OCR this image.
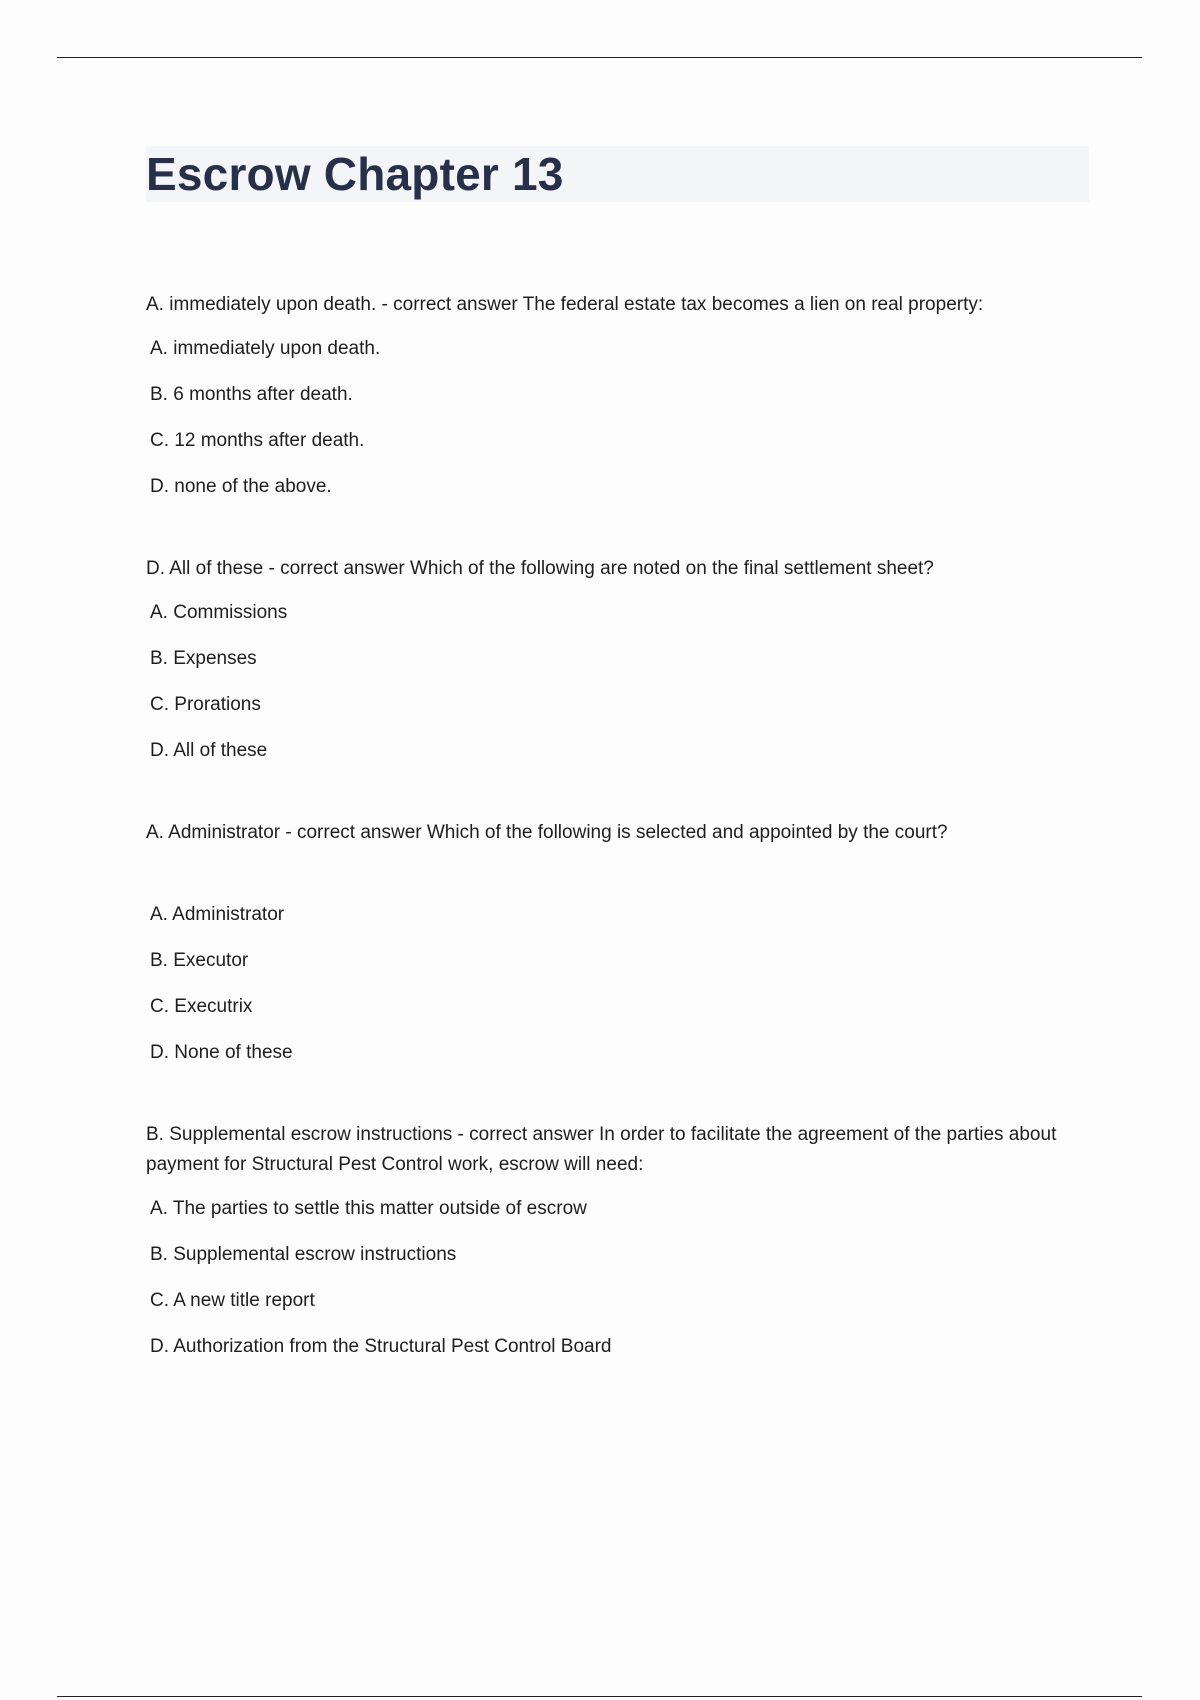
Escrow Chapter 13

A. immediately upon death. - correct answer The federal estate tax becomes a lien on real property:

A. immediately upon death.
B. 6 months after death.
C. 12 months after death.
D. none of the above.

D. All of these - correct answer Which of the following are noted on the final settlement sheet?

A. Commissions
B. Expenses
C. Prorations
D. All of these

A. Administrator - correct answer Which of the following is selected and appointed by the court?

A. Administrator
B. Executor
C. Executrix
D. None of these

B. Supplemental escrow instructions - correct answer In order to facilitate the agreement of the parties about payment for Structural Pest Control work, escrow will need:

A. The parties to settle this matter outside of escrow
B. Supplemental escrow instructions
C. A new title report
D. Authorization from the Structural Pest Control Board
